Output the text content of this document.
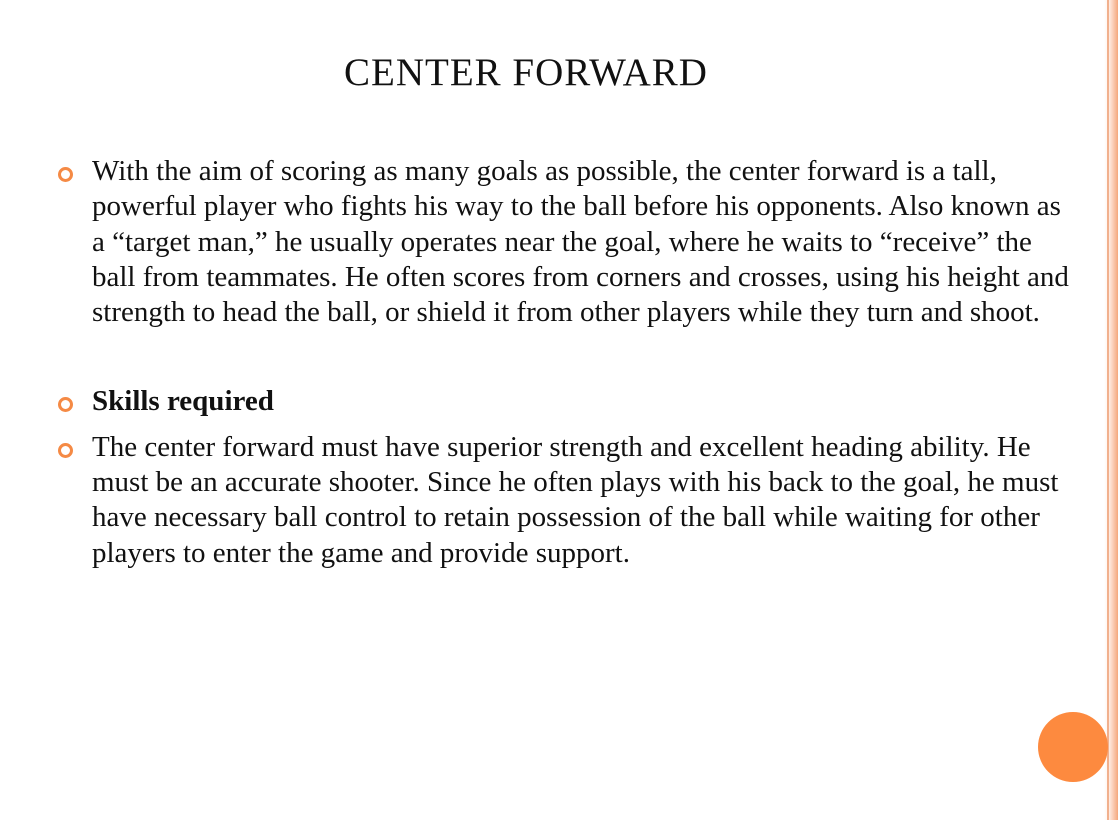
CENTER FORWARD
With the aim of scoring as many goals as possible, the center forward is a tall, powerful player who fights his way to the ball before his opponents. Also known as a “target man,” he usually operates near the goal, where he waits to “receive” the ball from teammates. He often scores from corners and crosses, using his height and strength to head the ball, or shield it from other players while they turn and shoot.
Skills required
The center forward must have superior strength and excellent heading ability. He must be an accurate shooter. Since he often plays with his back to the goal, he must have necessary ball control to retain possession of the ball while waiting for other players to enter the game and provide support.
